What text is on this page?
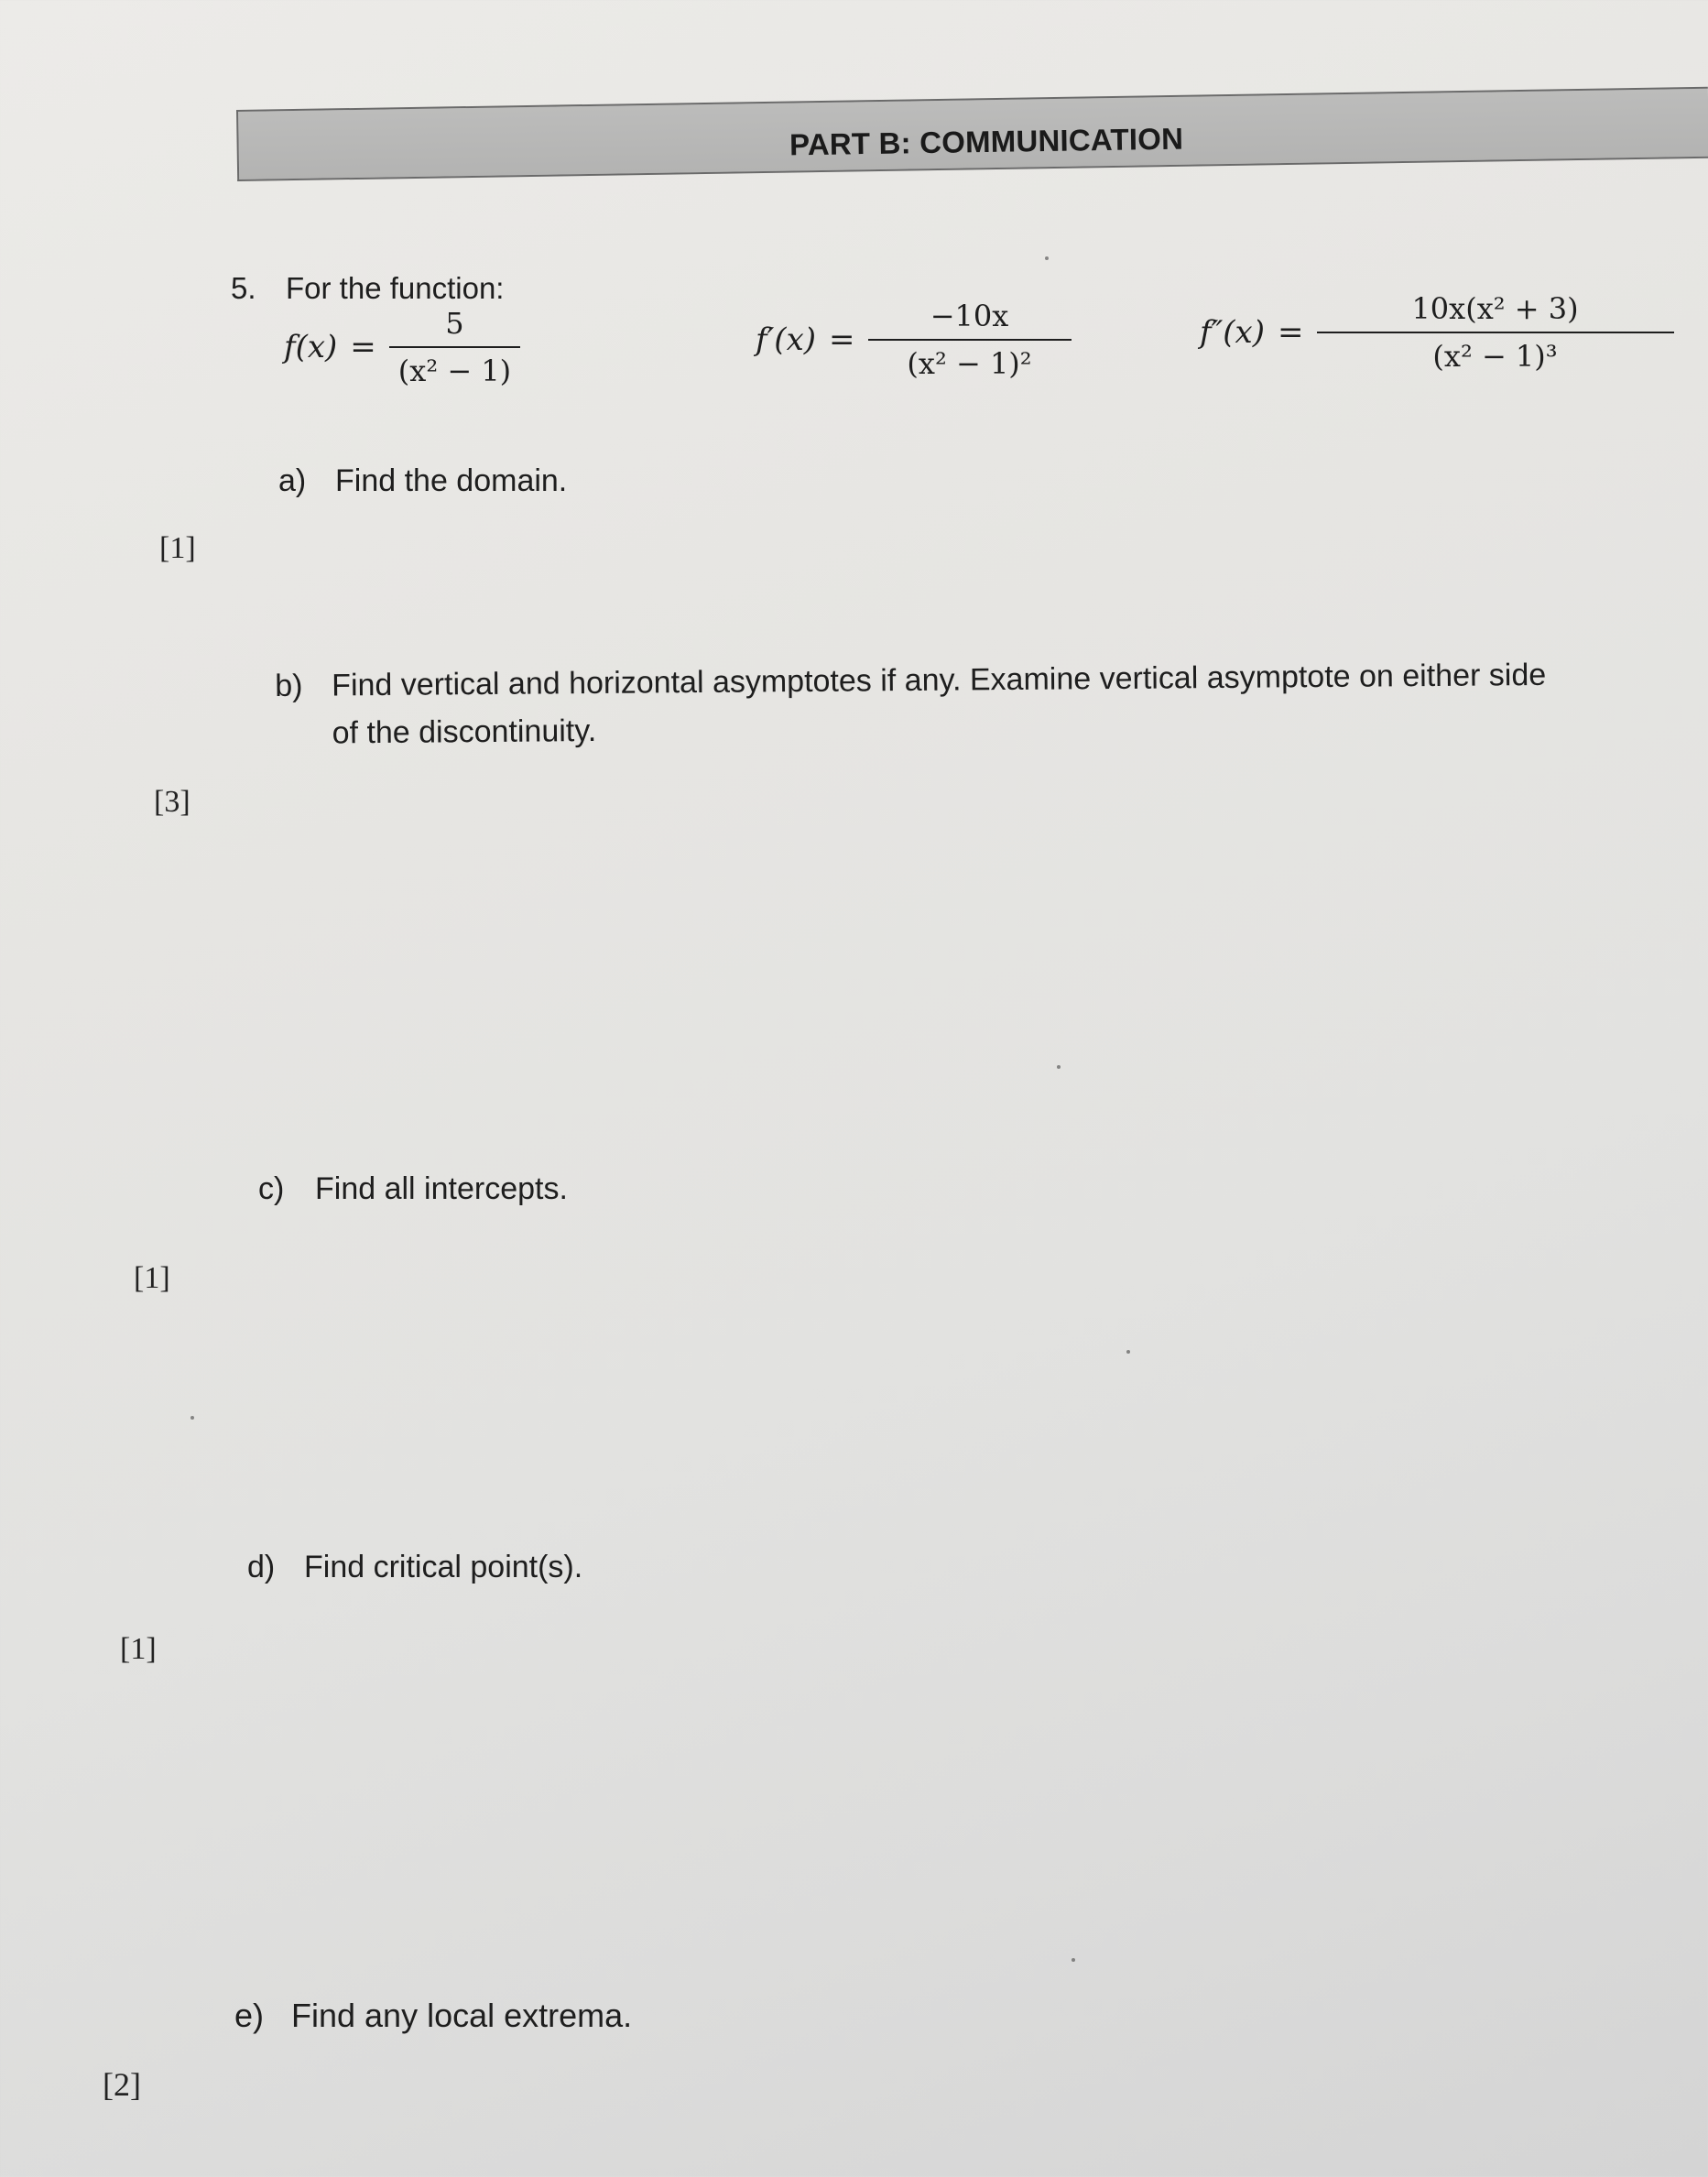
PART B: COMMUNICATION
5. For the function:
$f(x) = \frac{5}{\text{(x² − 1)}}$	$f'(x) = \frac{-10x}{\text{(x² − 1)²}}$	$f''(x) = \frac{\text{10x(x² + 3)}}{\text{(x² − 1)³}}$
a) Find the domain.
[1]
b) Find vertical and horizontal asymptotes if any. Examine vertical asymptote on either side
of the discontinuity.
[3]
c) Find all intercepts.
[1]
d) Find critical point(s).
[1]
e) Find any local extrema.
[2]
